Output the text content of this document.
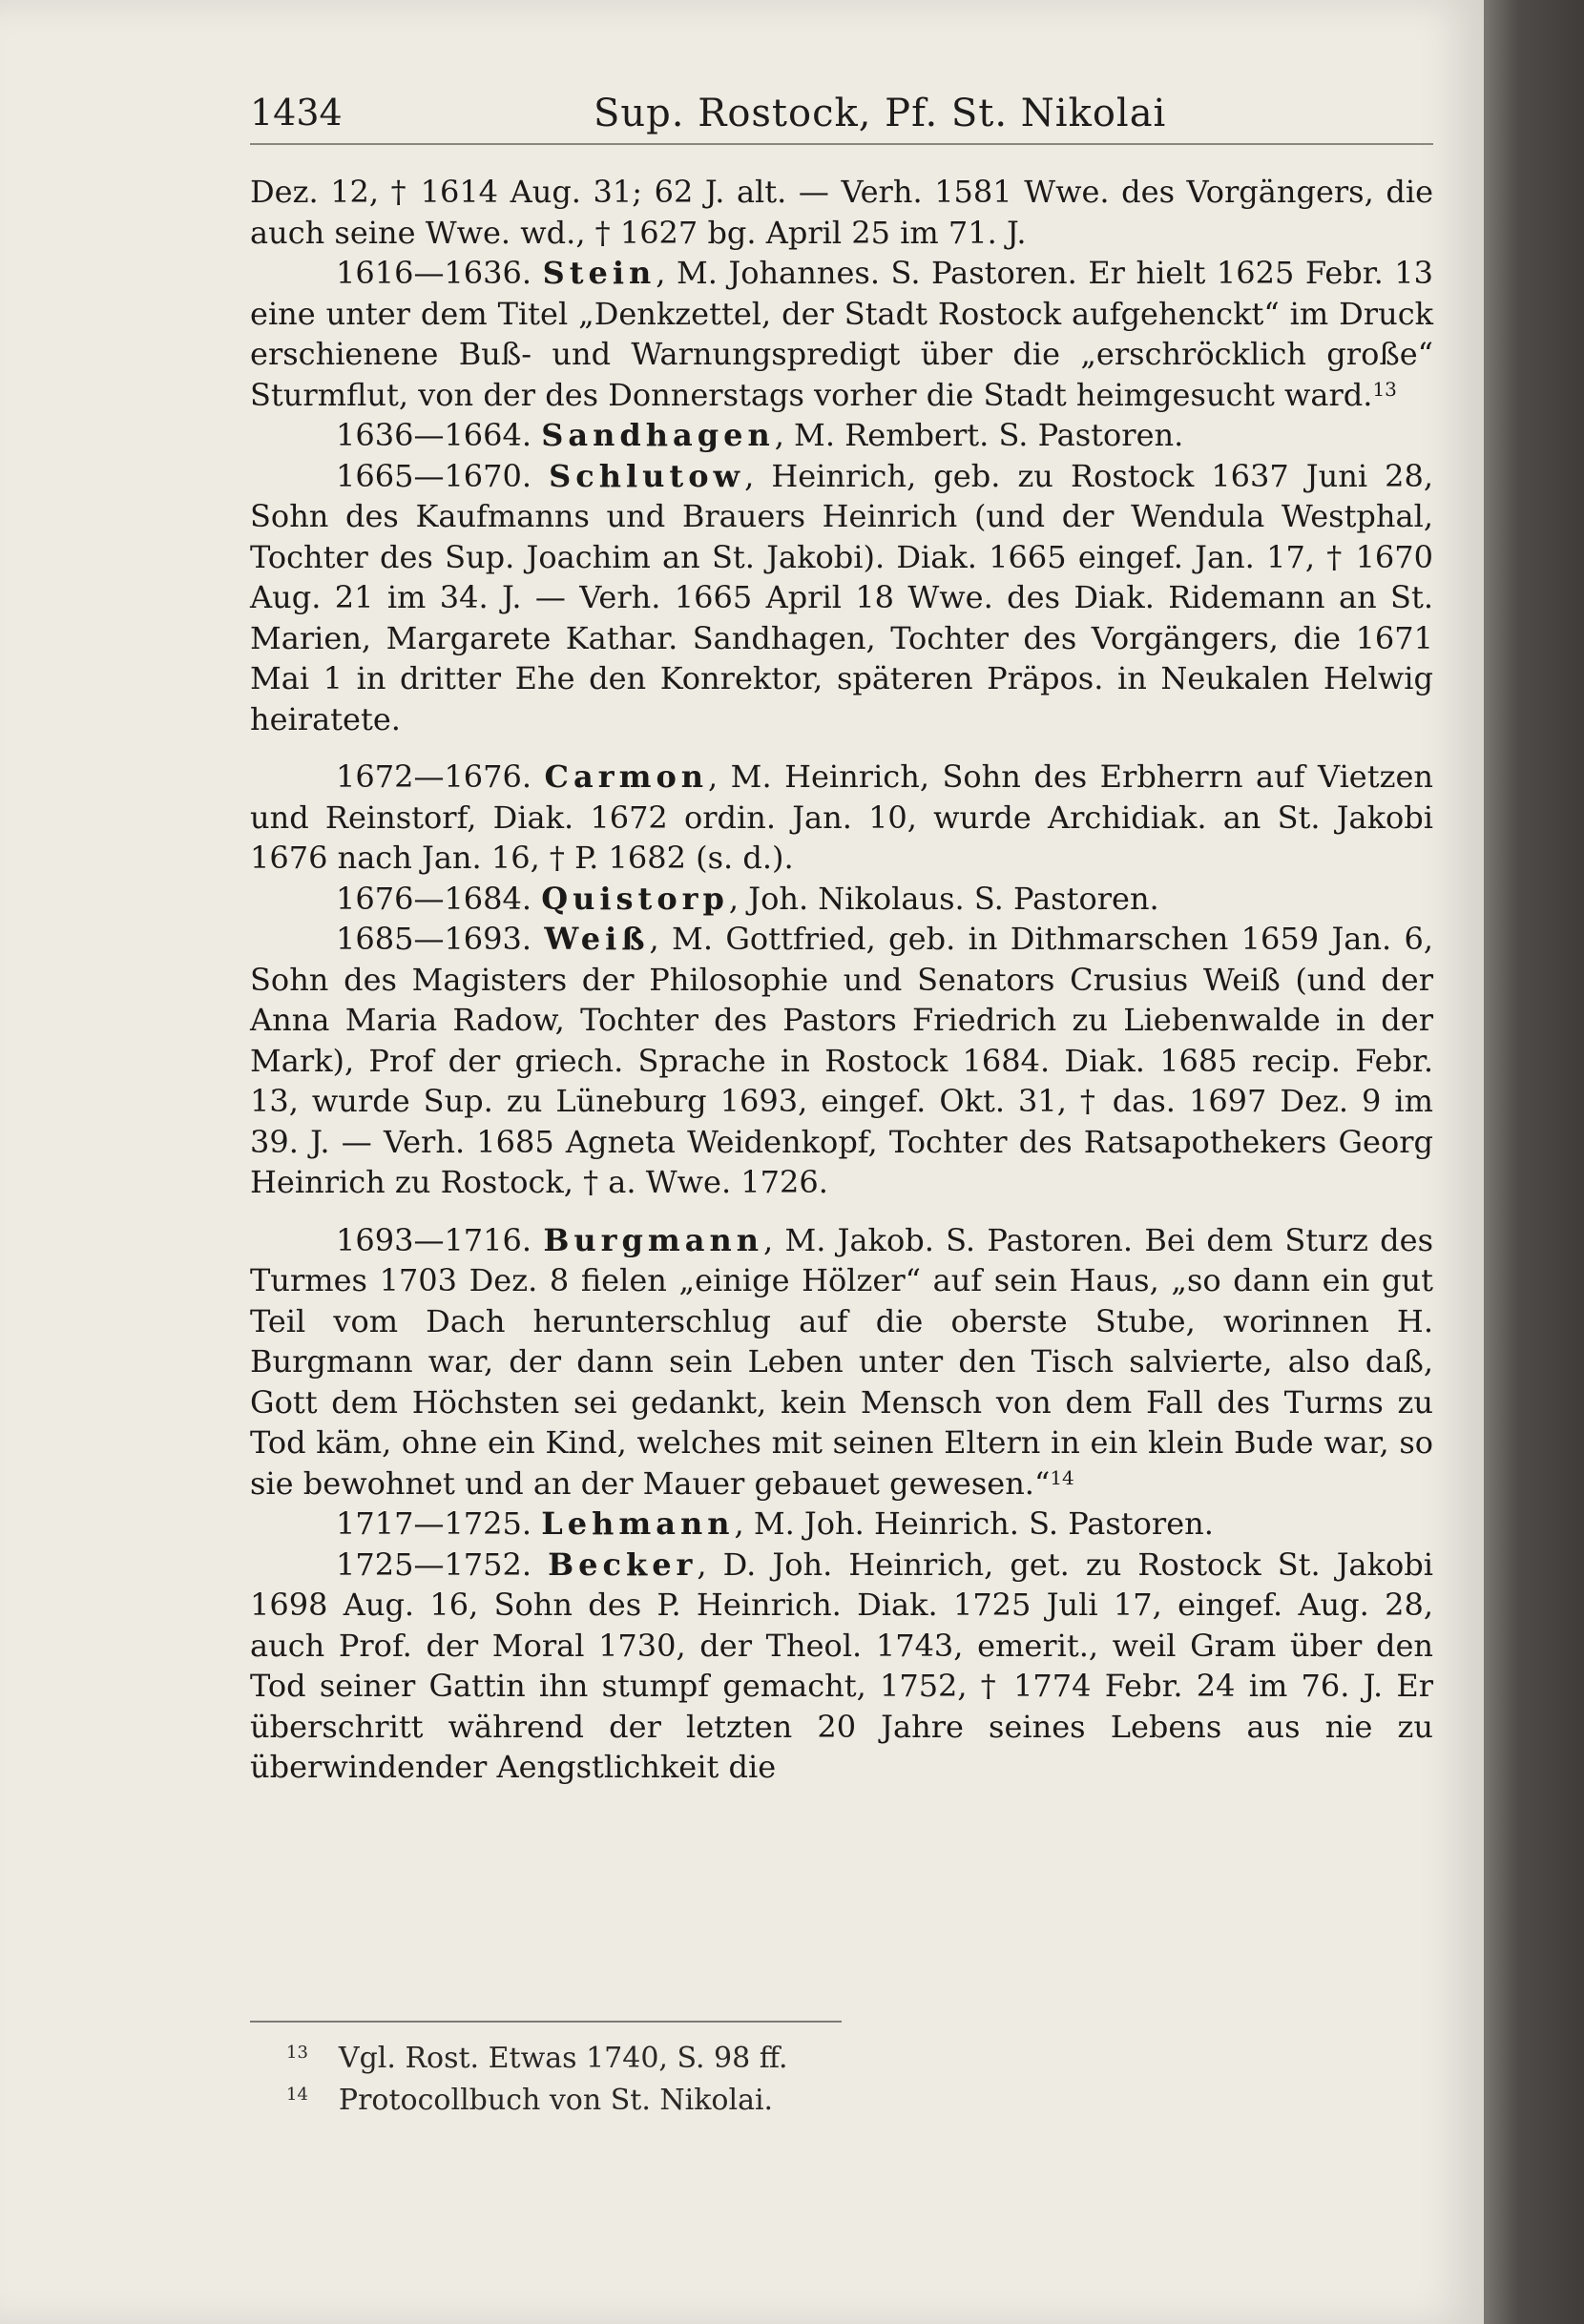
1434	Sup. Rostock, Pf. St. Nikolai

Dez. 12, † 1614 Aug. 31; 62 J. alt. — Verh. 1581 Wwe. des Vorgängers, die auch seine Wwe. wd., † 1627 bg. April 25 im 71. J.

1616—1636. Stein, M. Johannes. S. Pastoren. Er hielt 1625 Febr. 13 eine unter dem Titel „Denkzettel, der Stadt Rostock aufgehenckt“ im Druck erschienene Buß- und Warnungspredigt über die „erschröcklich große“ Sturmflut, von der des Donnerstags vorher die Stadt heimgesucht ward.$^{13}$

1636—1664. Sandhagen, M. Rembert. S. Pastoren.

1665—1670. Schlutow, Heinrich, geb. zu Rostock 1637 Juni 28, Sohn des Kaufmanns und Brauers Heinrich (und der Wendula Westphal, Tochter des Sup. Joachim an St. Jakobi). Diak. 1665 eingef. Jan. 17, † 1670 Aug. 21 im 34. J. — Verh. 1665 April 18 Wwe. des Diak. Ridemann an St. Marien, Margarete Kathar. Sandhagen, Tochter des Vorgängers, die 1671 Mai 1 in dritter Ehe den Konrektor, späteren Präpos. in Neukalen Helwig heiratete.

1672—1676. Carmon, M. Heinrich, Sohn des Erbherrn auf Vietzen und Reinstorf, Diak. 1672 ordin. Jan. 10, wurde Archidiak. an St. Jakobi 1676 nach Jan. 16, † P. 1682 (s. d.).

1676—1684. Quistorp, Joh. Nikolaus. S. Pastoren.

1685—1693. Weiß, M. Gottfried, geb. in Dithmarschen 1659 Jan. 6, Sohn des Magisters der Philosophie und Senators Crusius Weiß (und der Anna Maria Radow, Tochter des Pastors Friedrich zu Liebenwalde in der Mark), Prof der griech. Sprache in Rostock 1684. Diak. 1685 recip. Febr. 13, wurde Sup. zu Lüneburg 1693, eingef. Okt. 31, † das. 1697 Dez. 9 im 39. J. — Verh. 1685 Agneta Weidenkopf, Tochter des Ratsapothekers Georg Heinrich zu Rostock, † a. Wwe. 1726.

1693—1716. Burgmann, M. Jakob. S. Pastoren. Bei dem Sturz des Turmes 1703 Dez. 8 fielen „einige Hölzer“ auf sein Haus, „so dann ein gut Teil vom Dach herunterschlug auf die oberste Stube, worinnen H. Burgmann war, der dann sein Leben unter den Tisch salvierte, also daß, Gott dem Höchsten sei gedankt, kein Mensch von dem Fall des Turms zu Tod käm, ohne ein Kind, welches mit seinen Eltern in ein klein Bude war, so sie bewohnet und an der Mauer gebauet gewesen.“$^{14}$

1717—1725. Lehmann, M. Joh. Heinrich. S. Pastoren.

1725—1752. Becker, D. Joh. Heinrich, get. zu Rostock St. Jakobi 1698 Aug. 16, Sohn des P. Heinrich. Diak. 1725 Juli 17, eingef. Aug. 28, auch Prof. der Moral 1730, der Theol. 1743, emerit., weil Gram über den Tod seiner Gattin ihn stumpf gemacht, 1752, † 1774 Febr. 24 im 76. J. Er überschritt während der letzten 20 Jahre seines Lebens aus nie zu überwindender Aengstlichkeit die

$^{13}$ Vgl. Rost. Etwas 1740, S. 98 ff.

$^{14}$ Protocollbuch von St. Nikolai.
